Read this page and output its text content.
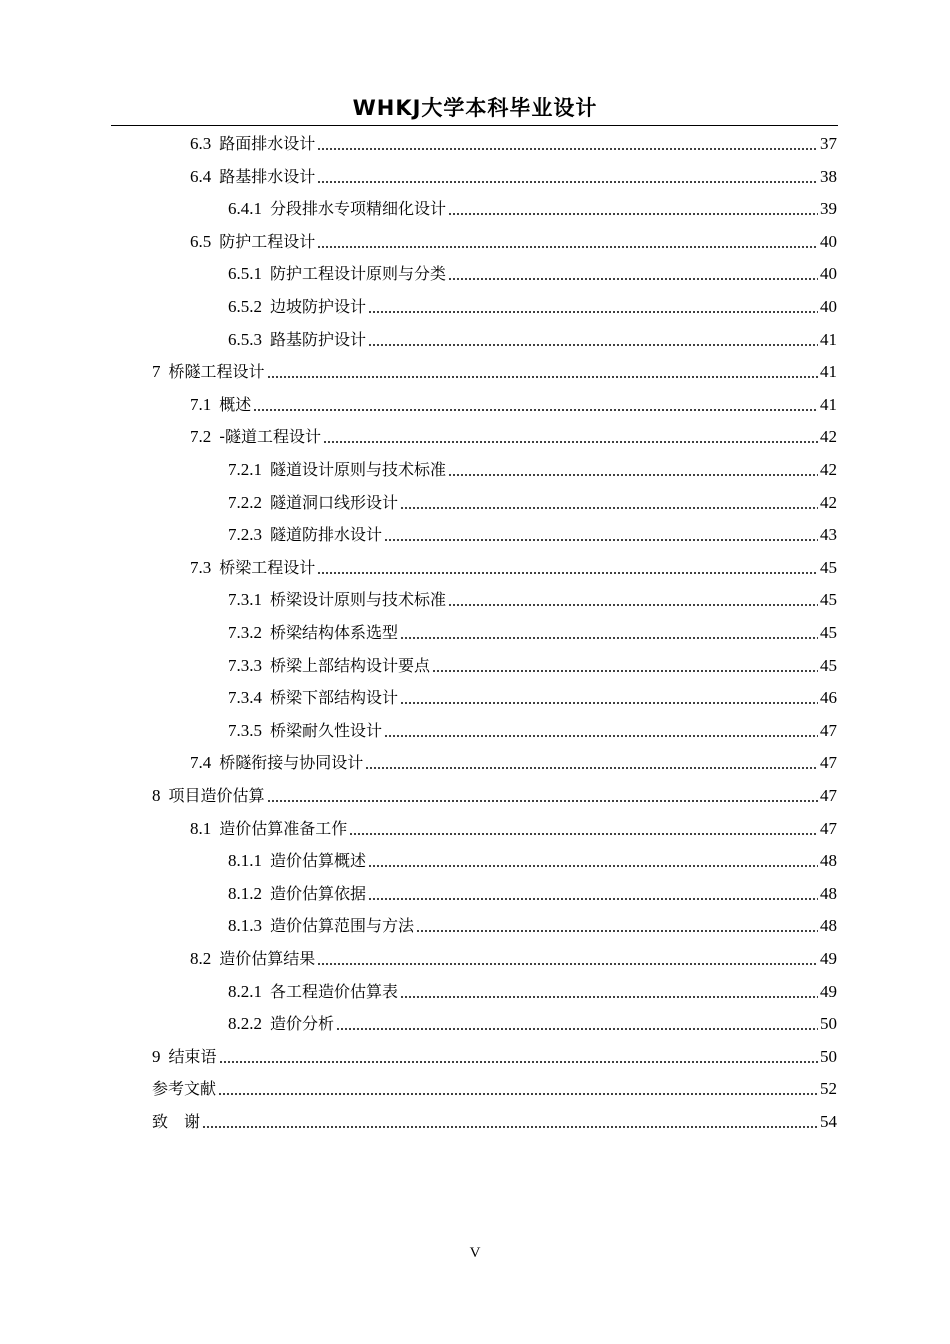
WHKJ大学本科毕业设计
6.3 路面排水设计	37
6.4 路基排水设计	38
6.4.1 分段排水专项精细化设计	39
6.5 防护工程设计	40
6.5.1 防护工程设计原则与分类	40
6.5.2 边坡防护设计	40
6.5.3 路基防护设计	41
7 桥隧工程设计	41
7.1 概述	41
7.2 -隧道工程设计	42
7.2.1 隧道设计原则与技术标准	42
7.2.2 隧道洞口线形设计	42
7.2.3 隧道防排水设计	43
7.3 桥梁工程设计	45
7.3.1 桥梁设计原则与技术标准	45
7.3.2 桥梁结构体系选型	45
7.3.3 桥梁上部结构设计要点	45
7.3.4 桥梁下部结构设计	46
7.3.5 桥梁耐久性设计	47
7.4 桥隧衔接与协同设计	47
8 项目造价估算	47
8.1 造价估算准备工作	47
8.1.1 造价估算概述	48
8.1.2 造价估算依据	48
8.1.3 造价估算范围与方法	48
8.2 造价估算结果	49
8.2.1 各工程造价估算表	49
8.2.2 造价分析	50
9 结束语	50
参考文献	52
致　谢	54
V
